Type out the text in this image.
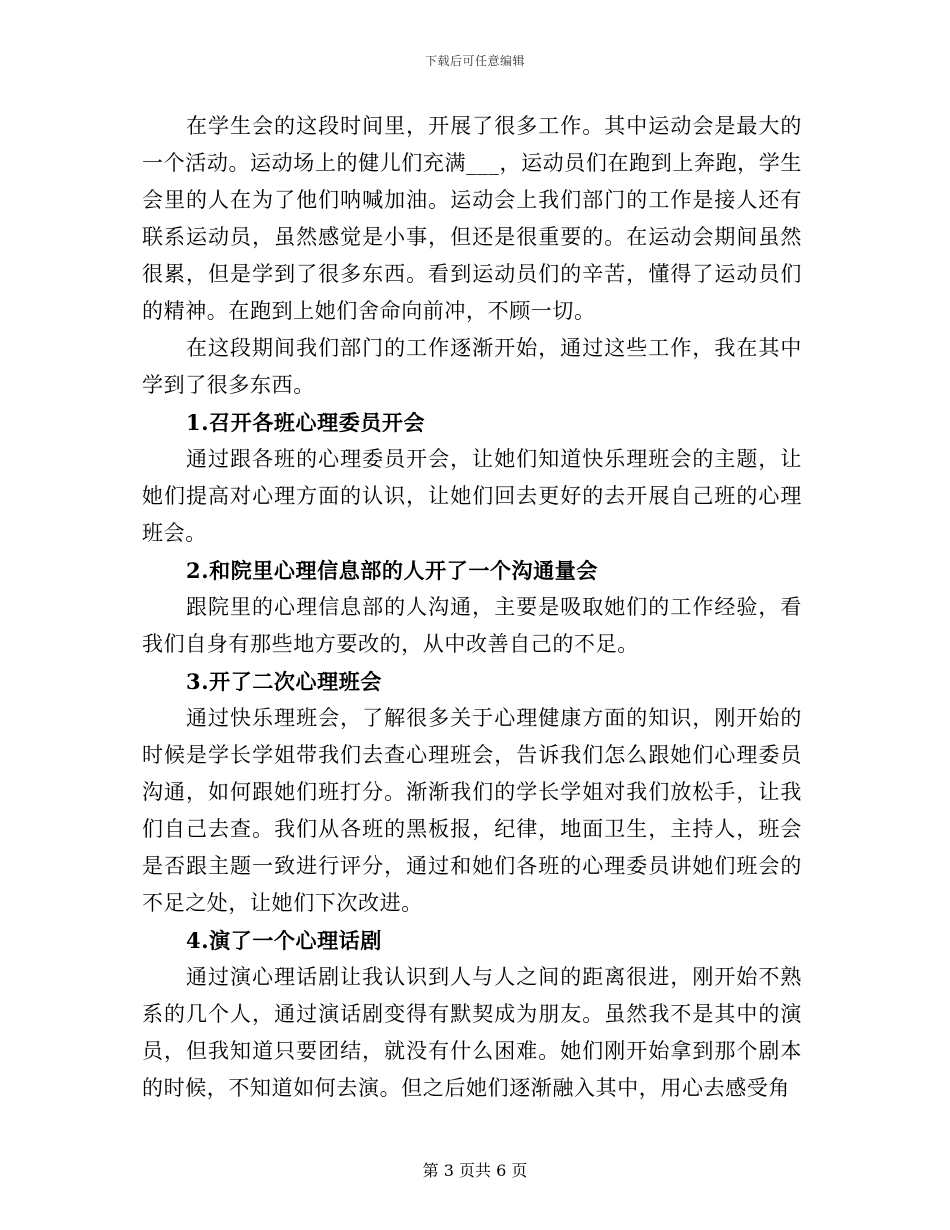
下载后可任意编辑

在学生会的这段时间里，开展了很多工作。其中运动会是最大的一个活动。运动场上的健儿们充满___，运动员们在跑到上奔跑，学生会里的人在为了他们呐喊加油。运动会上我们部门的工作是接人还有联系运动员，虽然感觉是小事，但还是很重要的。在运动会期间虽然很累，但是学到了很多东西。看到运动员们的辛苦，懂得了运动员们的精神。在跑到上她们舍命向前冲，不顾一切。

在这段期间我们部门的工作逐渐开始，通过这些工作，我在其中学到了很多东西。

1.召开各班心理委员开会

通过跟各班的心理委员开会，让她们知道快乐理班会的主题，让她们提高对心理方面的认识，让她们回去更好的去开展自己班的心理班会。

2.和院里心理信息部的人开了一个沟通量会

跟院里的心理信息部的人沟通，主要是吸取她们的工作经验，看我们自身有那些地方要改的，从中改善自己的不足。

3.开了二次心理班会

通过快乐理班会，了解很多关于心理健康方面的知识，刚开始的时候是学长学姐带我们去查心理班会，告诉我们怎么跟她们心理委员沟通，如何跟她们班打分。渐渐我们的学长学姐对我们放松手，让我们自己去查。我们从各班的黑板报，纪律，地面卫生，主持人，班会是否跟主题一致进行评分，通过和她们各班的心理委员讲她们班会的不足之处，让她们下次改进。

4.演了一个心理话剧

通过演心理话剧让我认识到人与人之间的距离很进，刚开始不熟系的几个人，通过演话剧变得有默契成为朋友。虽然我不是其中的演员，但我知道只要团结，就没有什么困难。她们刚开始拿到那个剧本的时候，不知道如何去演。但之后她们逐渐融入其中，用心去感受角

第 3 页共 6 页
